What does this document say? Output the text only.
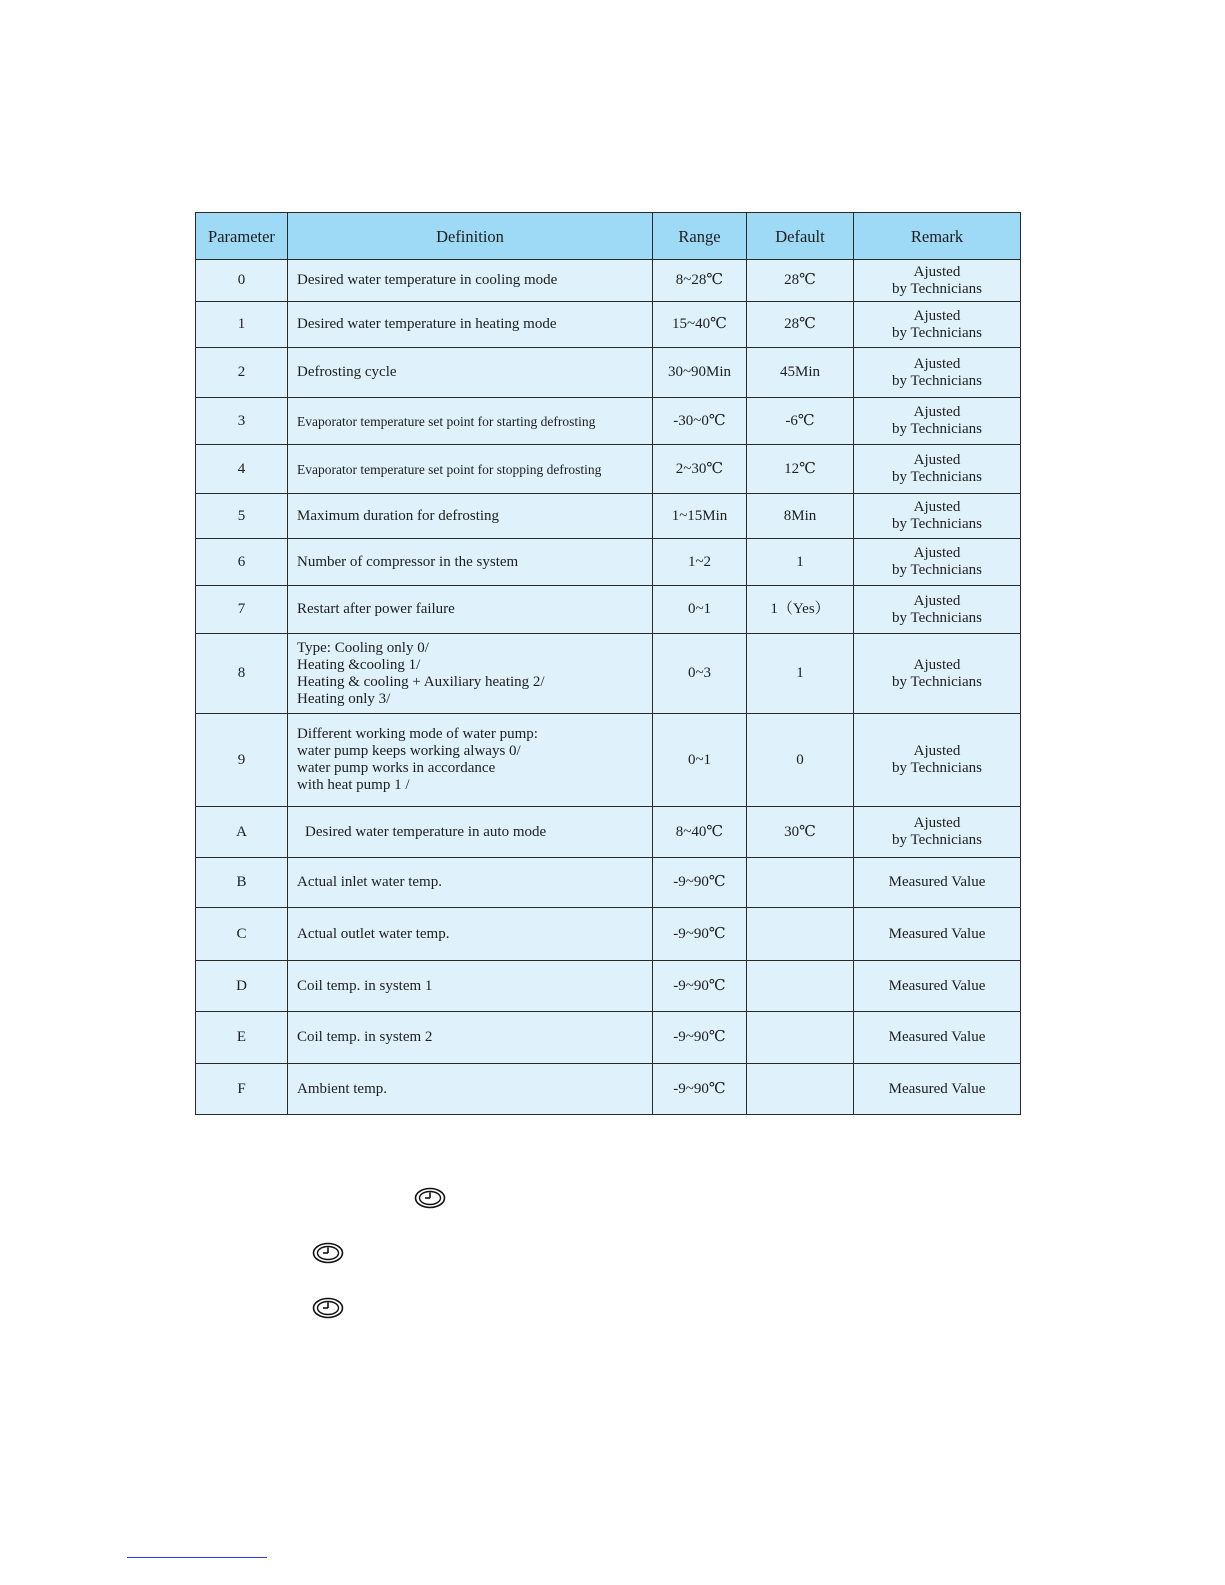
Parameter	Definition	Range	Default	Remark
0	Desired water temperature in cooling mode	8~28℃	28℃	Ajusted
by Technicians
1	Desired water temperature in heating mode	15~40℃	28℃	Ajusted
by Technicians
2	Defrosting cycle	30~90Min	45Min	Ajusted
by Technicians
3	Evaporator temperature set point for starting defrosting	-30~0℃	-6℃	Ajusted
by Technicians
4	Evaporator temperature set point for stopping defrosting	2~30℃	12℃	Ajusted
by Technicians
5	Maximum duration for defrosting	1~15Min	8Min	Ajusted
by Technicians
6	Number of compressor in the system	1~2	1	Ajusted
by Technicians
7	Restart after power failure	0~1	1（Yes）	Ajusted
by Technicians
8	Type: Cooling only 0/
Heating &cooling 1/
Heating & cooling + Auxiliary heating 2/
Heating only 3/	0~3	1	Ajusted
by Technicians
9	Different working mode of water pump:
water pump keeps working always 0/
water pump works in accordance
with heat pump 1 /	0~1	0	Ajusted
by Technicians
A	Desired water temperature in auto mode	8~40℃	30℃	Ajusted
by Technicians
B	Actual inlet water temp.	-9~90℃		Measured Value
C	Actual outlet water temp.	-9~90℃		Measured Value
D	Coil temp. in system 1	-9~90℃		Measured Value
E	Coil temp. in system 2	-9~90℃		Measured Value
F	Ambient temp.	-9~90℃		Measured Value
